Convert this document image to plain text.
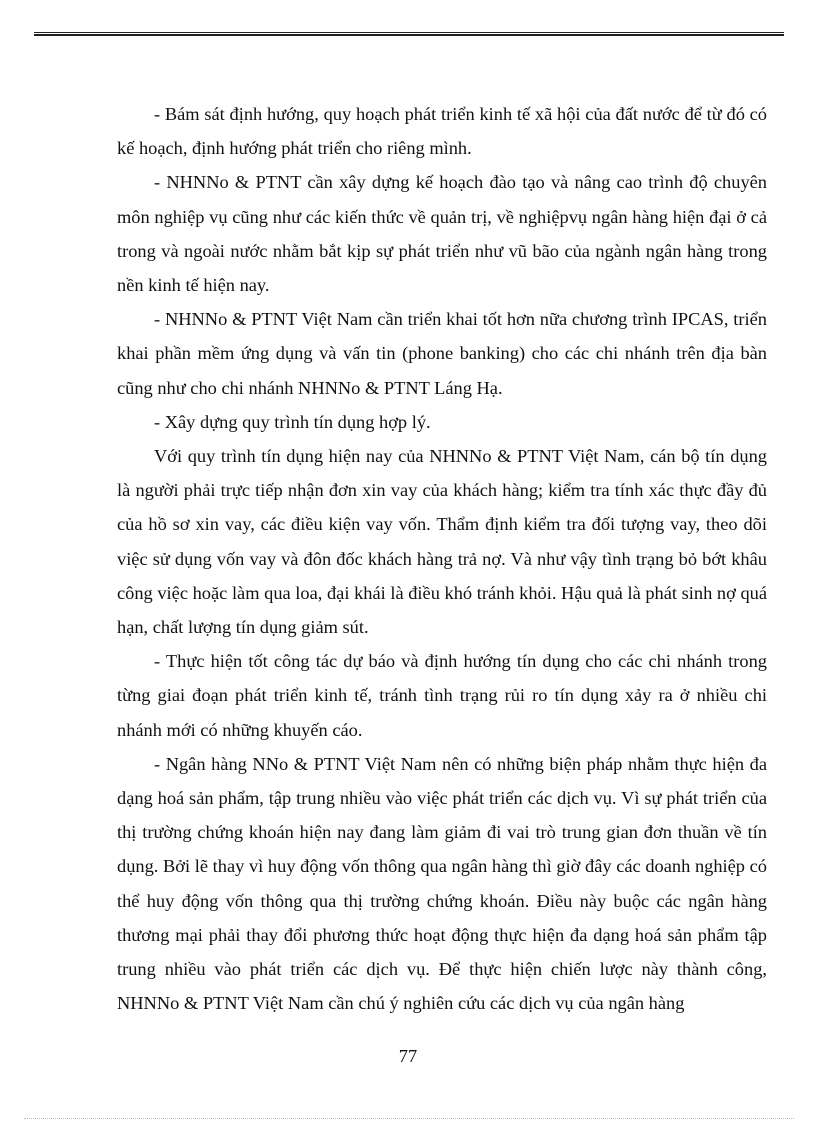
- Bám sát định hướng, quy hoạch phát triển kinh tế xã hội của đất nước để từ đó có kế hoạch, định hướng phát triển cho riêng mình.

- NHNNo & PTNT cần xây dựng kế hoạch đào tạo và nâng cao trình độ chuyên môn nghiệp vụ cũng như các kiến thức về quản trị, về nghiệpvụ ngân hàng hiện đại ở cả trong và ngoài nước nhằm bắt kịp sự phát triển như vũ bão của ngành ngân hàng trong nền kinh tế hiện nay.

- NHNNo & PTNT Việt Nam cần triển khai tốt hơn nữa chương trình IPCAS, triển khai phần mềm ứng dụng và vấn tin (phone banking) cho các chi nhánh trên địa bàn cũng như cho chi nhánh NHNNo & PTNT Láng Hạ.

- Xây dựng quy trình tín dụng hợp lý.

Với quy trình tín dụng hiện nay của NHNNo & PTNT Việt Nam, cán bộ tín dụng là người phải trực tiếp nhận đơn xin vay của khách hàng; kiểm tra tính xác thực đầy đủ của hồ sơ xin vay, các điều kiện vay vốn. Thẩm định kiểm tra đối tượng vay, theo dõi việc sử dụng vốn vay và đôn đốc khách hàng trả nợ. Và như vậy tình trạng bỏ bớt khâu công việc hoặc làm qua loa, đại khái là điều khó tránh khỏi. Hậu quả là phát sinh nợ quá hạn, chất lượng tín dụng giảm sút.

- Thực hiện tốt công tác dự báo và định hướng tín dụng cho các chi nhánh trong từng giai đoạn phát triển kinh tế, tránh tình trạng rủi ro tín dụng xảy ra ở nhiều chi nhánh mới có những khuyến cáo.

- Ngân hàng NNo & PTNT Việt Nam nên có những biện pháp nhằm thực hiện đa dạng hoá sản phẩm, tập trung nhiều vào việc phát triển các dịch vụ. Vì sự phát triển của thị trường chứng khoán hiện nay đang làm giảm đi vai trò trung gian đơn thuần về tín dụng. Bởi lẽ thay vì huy động vốn thông qua ngân hàng thì giờ đây các doanh nghiệp có thể huy động vốn thông qua thị trường chứng khoán. Điều này buộc các ngân hàng thương mại phải thay đổi phương thức hoạt động thực hiện đa dạng hoá sản phẩm tập trung nhiều vào phát triển các dịch vụ. Để thực hiện chiến lược này thành công, NHNNo & PTNT Việt Nam cần chú ý nghiên cứu các dịch vụ của ngân hàng

77
